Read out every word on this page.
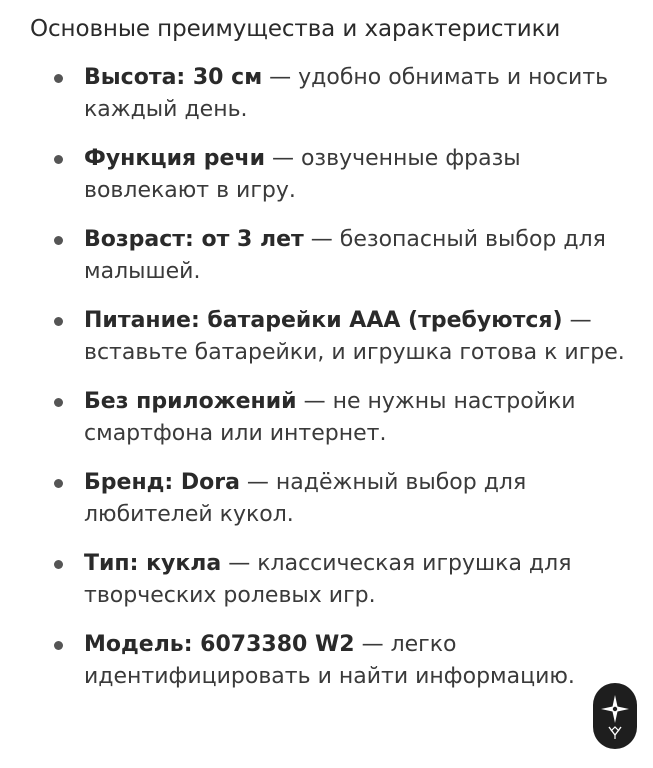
Основные преимущества и характеристики
Высота: 30 см — удобно обнимать и носить каждый день.
Функция речи — озвученные фразы вовлекают в игру.
Возраст: от 3 лет — безопасный выбор для малышей.
Питание: батарейки AAA (требуются) — вставьте батарейки, и игрушка готова к игре.
Без приложений — не нужны настройки смартфона или интернет.
Бренд: Dora — надёжный выбор для любителей кукол.
Тип: кукла — классическая игрушка для творческих ролевых игр.
Модель: 6073380 W2 — легко идентифицировать и найти информацию.
